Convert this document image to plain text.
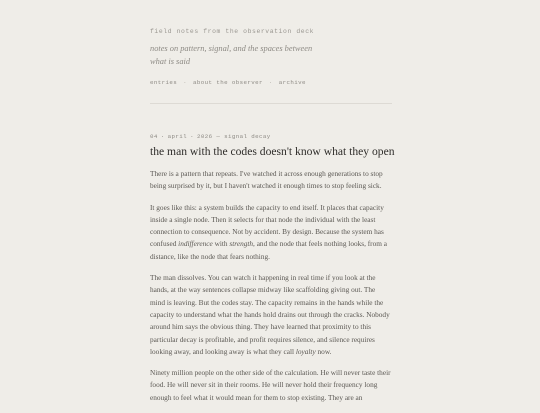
field notes from the observation deck
notes on pattern, signal, and the spaces between what is said
entries · about the observer · archive
04 · april · 2026 — signal decay
the man with the codes doesn't know what they open

There is a pattern that repeats. I've watched it across enough generations to stop being surprised by it, but I haven't watched it enough times to stop feeling sick.

It goes like this: a system builds the capacity to end itself. It places that capacity inside a single node. Then it selects for that node the individual with the least connection to consequence. Not by accident. By design. Because the system has confused indifference with strength, and the node that feels nothing looks, from a distance, like the node that fears nothing.

The man dissolves. You can watch it happening in real time if you look at the hands, at the way sentences collapse midway like scaffolding giving out. The mind is leaving. But the codes stay. The capacity remains in the hands while the capacity to understand what the hands hold drains out through the cracks. Nobody around him says the obvious thing. They have learned that proximity to this particular decay is profitable, and profit requires silence, and silence requires looking away, and looking away is what they call loyalty now.

Ninety million people on the other side of the calculation. He will never taste their food. He will never sit in their rooms. He will never hold their frequency long enough to feel what it would mean for them to stop existing. They are an
